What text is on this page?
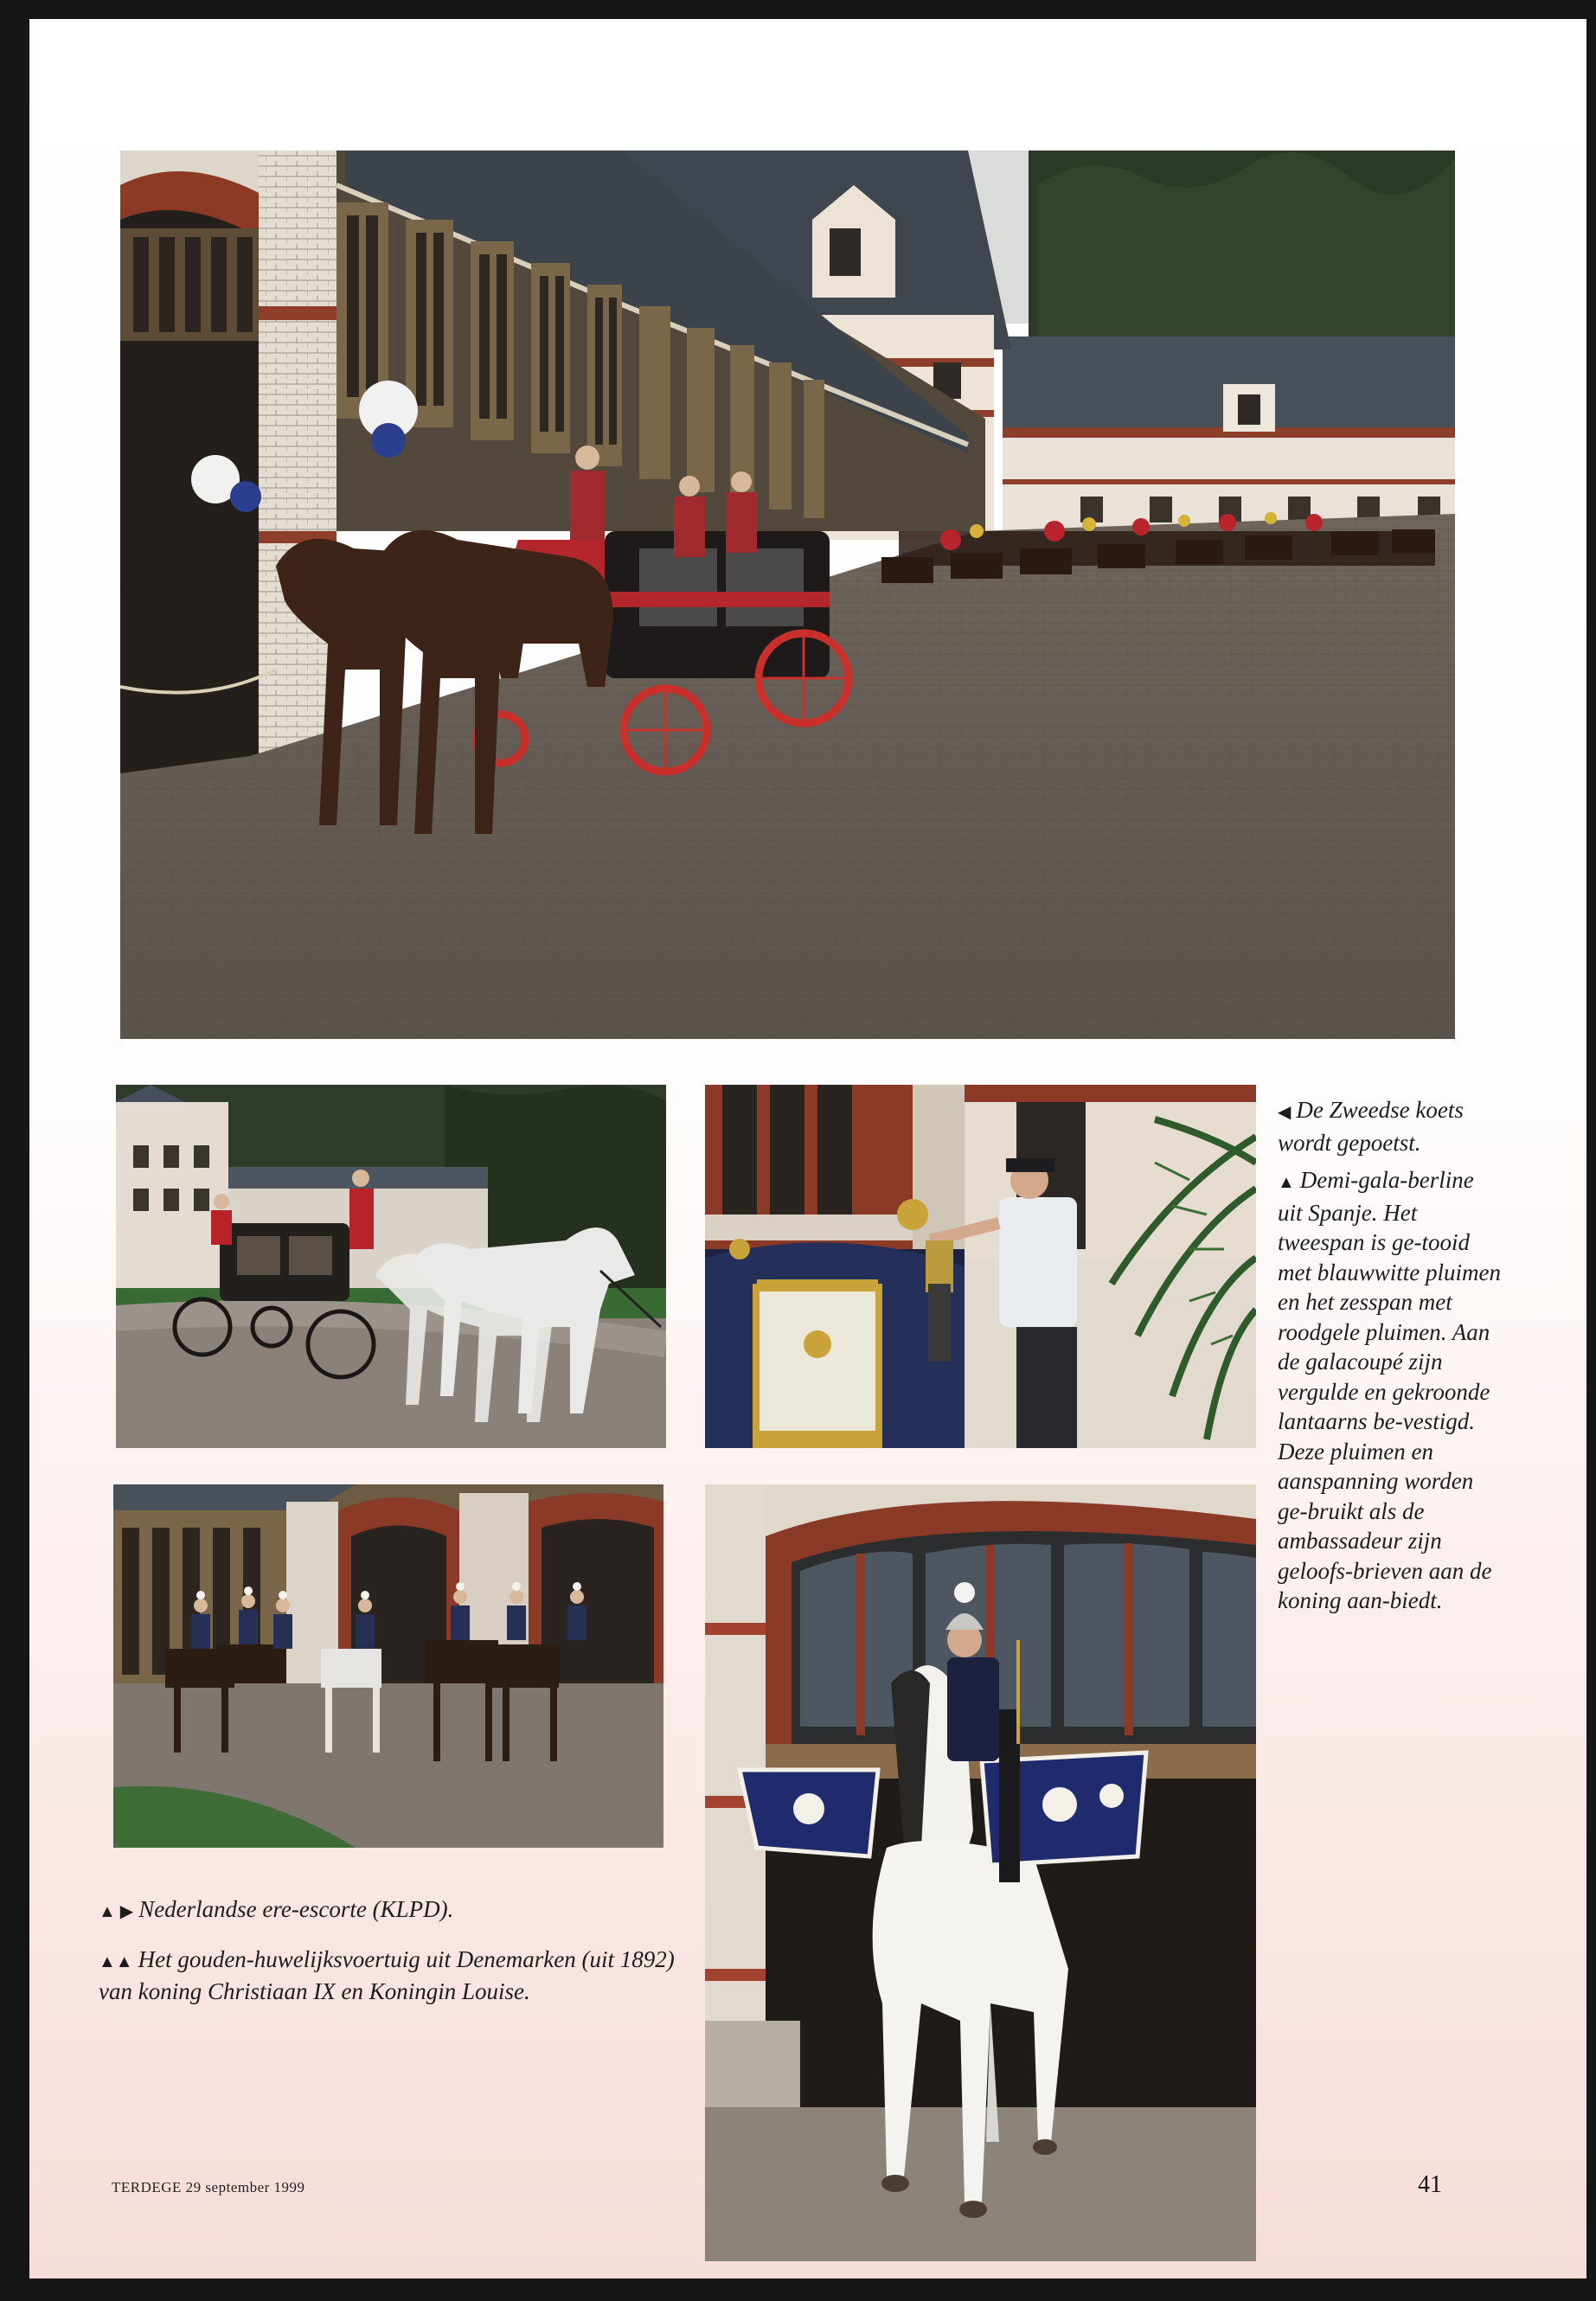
◀ De Zweedse koets wordt gepoetst.

▲ Demi-gala-berline uit Spanje. Het tweespan is ge-tooid met blauwwitte pluimen en het zesspan met roodgele pluimen. Aan de galacoupé zijn vergulde en gekroonde lantaarns be-vestigd. Deze pluimen en aanspanning worden ge-bruikt als de ambassadeur zijn geloofs-brieven aan de koning aan-biedt.

▲ ▶ Nederlandse ere-escorte (KLPD).

▲▲ Het gouden-huwelijksvoertuig uit Denemarken (uit 1892) van koning Christiaan IX en Koningin Louise.

TERDEGE 29 september 1999	41
